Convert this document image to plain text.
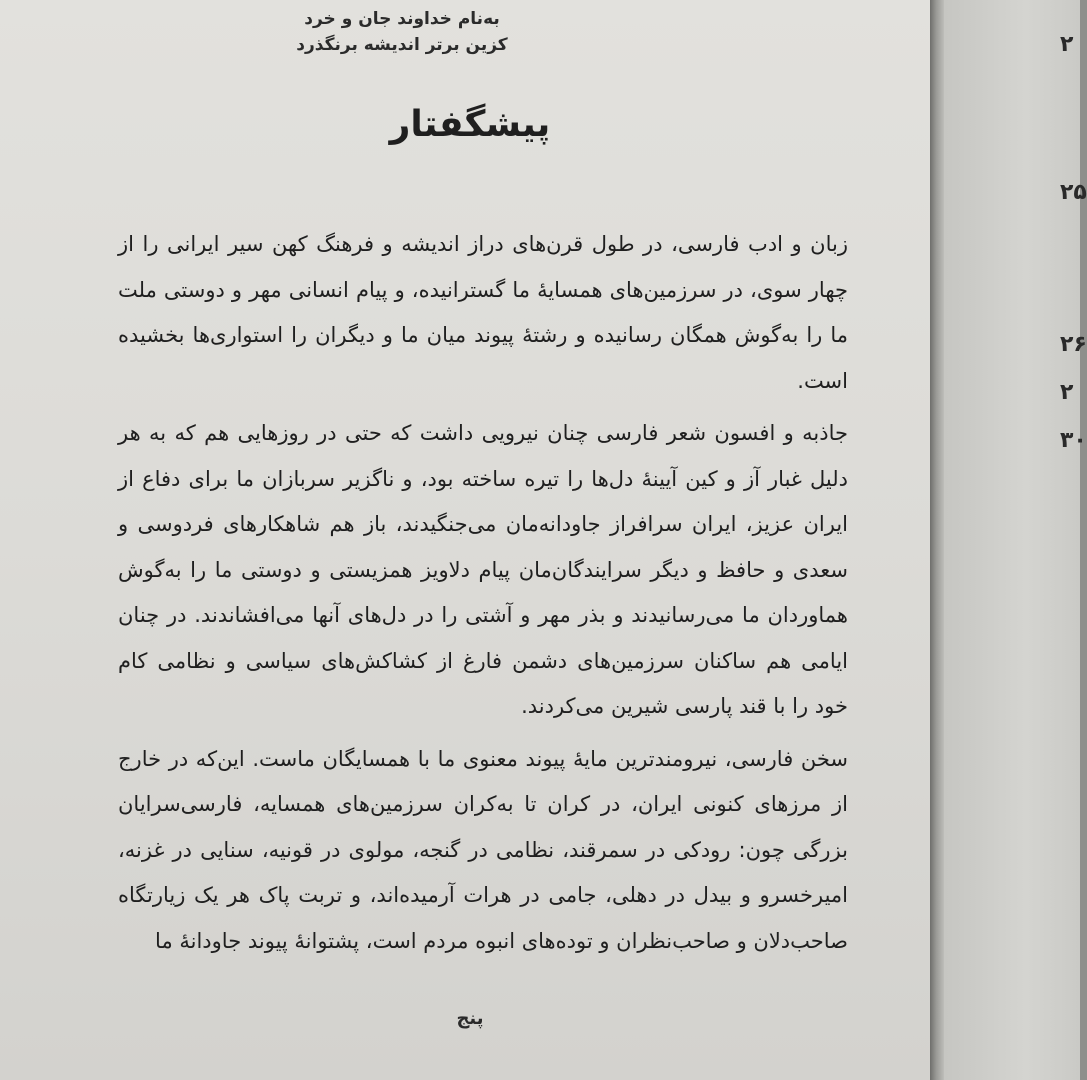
به‌نام خداوند جان و خرد
کزین برتر اندیشه برنگذرد
پیشگفتار

زبان و ادب فارسی، در طول قرن‌های دراز اندیشه و فرهنگ کهن سیر ایرانی را از چهار سوی، در سرزمین‌های همسایهٔ ما گسترانیده، و پیام انسانی مهر و دوستی ملت ما را به‌گوش همگان رسانیده و رشتهٔ پیوند میان ما و دیگران را استواری‌ها بخشیده است.

جاذبه و افسون شعر فارسی چنان نیرویی داشت که حتی در روزهایی هم که به هر دلیل غبار آز و کین آیینهٔ دل‌ها را تیره ساخته بود، و ناگزیر سربازان ما برای دفاع از ایران عزیز، ایران سرافراز جاودانه‌مان می‌جنگیدند، باز هم شاهکارهای فردوسی و سعدی و حافظ و دیگر سرایندگان‌مان پیام دلاویز همزیستی و دوستی ما را به‌گوش هماوردان ما می‌رسانیدند و بذر مهر و آشتی را در دل‌های آنها می‌افشاندند. در چنان ایامی هم ساکنان سرزمین‌های دشمن فارغ از کشاکش‌های سیاسی و نظامی کام خود را با قند پارسی شیرین می‌کردند.

سخن فارسی، نیرومندترین مایهٔ پیوند معنوی ما با همسایگان ماست. این‌که در خارج از مرزهای کنونی ایران، در کران تا به‌کران سرزمین‌های همسایه، فارسی‌سرایان بزرگی چون: رودکی در سمرقند، نظامی در گنجه، مولوی در قونیه، سنایی در غزنه، امیرخسرو و بیدل در دهلی، جامی در هرات آرمیده‌اند، و تربت پاک هر یک زیارتگاه صاحب‌دلان و صاحب‌نظران و توده‌های انبوه مردم است، پشتوانهٔ پیوند جاودانهٔ ما

پنج
۲
۲۵
۲۶
۲
۳۰
